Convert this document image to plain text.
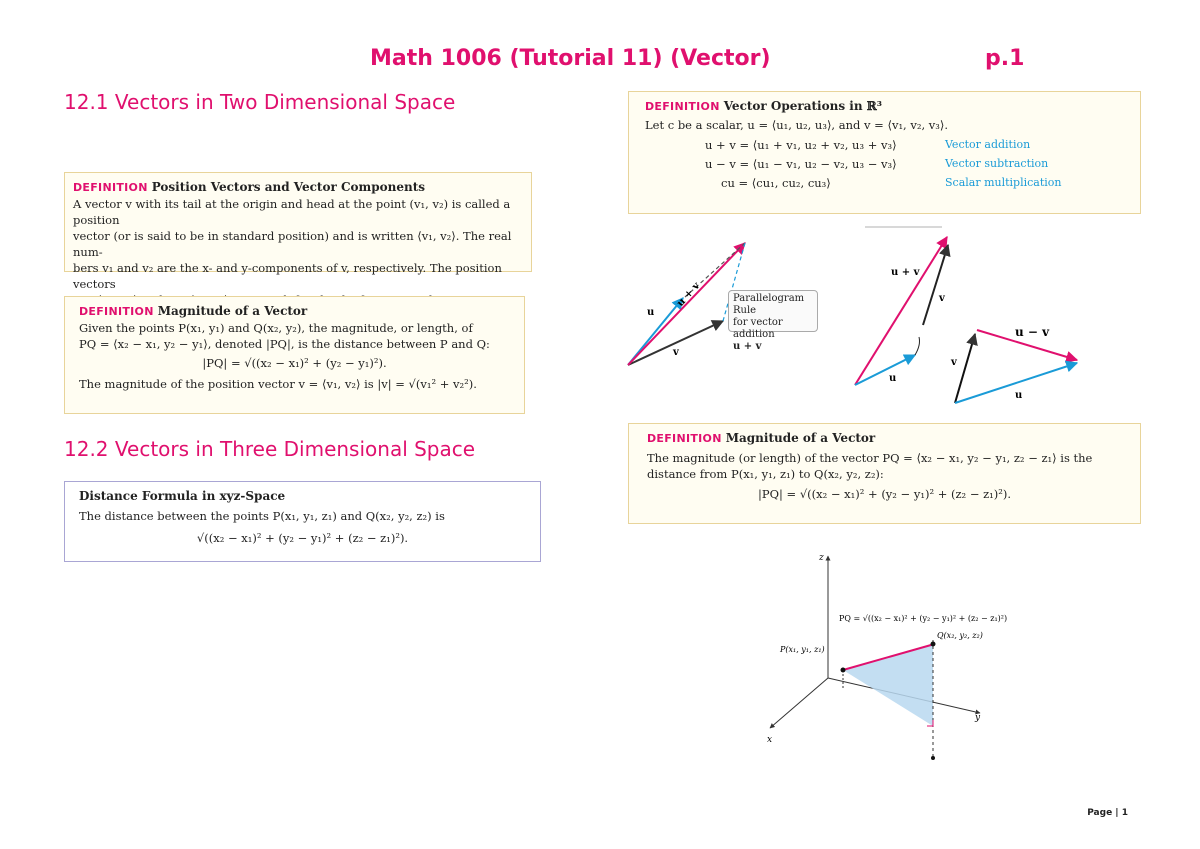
Math 1006 (Tutorial 11) (Vector)	p.1
12.1 Vectors in Two Dimensional Space
12.2 Vectors in Three Dimensional Space
DEFINITION Position Vectors and Vector Components
A vector v with its tail at the origin and head at the point (v₁, v₂) is called a position
vector (or is said to be in standard position) and is written ⟨v₁, v₂⟩. The real num-
bers v₁ and v₂ are the x- and y-components of v, respectively. The position vectors
DEFINITION Magnitude of a Vector
Given the points P(x₁, y₁) and Q(x₂, y₂), the magnitude, or length, of
PQ = ⟨x₂ − x₁, y₂ − y₁⟩, denoted |PQ|, is the distance between P and Q:
|PQ| = √((x₂ − x₁)² + (y₂ − y₁)²).
The magnitude of the position vector v = ⟨v₁, v₂⟩ is |v| = √(v₁² + v₂²).
Distance Formula in xyz-Space
The distance between the points P(x₁, y₁, z₁) and Q(x₂, y₂, z₂) is
√((x₂ − x₁)² + (y₂ − y₁)² + (z₂ − z₁)²).
DEFINITION Vector Operations in ℝ³
Let c be a scalar, u = ⟨u₁, u₂, u₃⟩, and v = ⟨v₁, v₂, v₃⟩.
u + v = ⟨u₁ + v₁, u₂ + v₂, u₃ + v₃⟩	Vector addition
u − v = ⟨u₁ − v₁, u₂ − v₂, u₃ − v₃⟩	Vector subtraction
cu = ⟨cu₁, cu₂, cu₃⟩	Scalar multiplication
u
v
u + v	Parallelogram Rule
for vector addition
u + v
u + v
v
u
u − v
v
u
DEFINITION Magnitude of a Vector
The magnitude (or length) of the vector PQ = ⟨x₂ − x₁, y₂ − y₁, z₂ − z₁⟩ is the
distance from P(x₁, y₁, z₁) to Q(x₂, y₂, z₂):
|PQ| = √((x₂ − x₁)² + (y₂ − y₁)² + (z₂ − z₁)²).
z
y
x
PQ = √((x₂ − x₁)² + (y₂ − y₁)² + (z₂ − z₁)²)
Q(x₂, y₂, z₂)
P(x₁, y₁, z₁)
Page | 1
